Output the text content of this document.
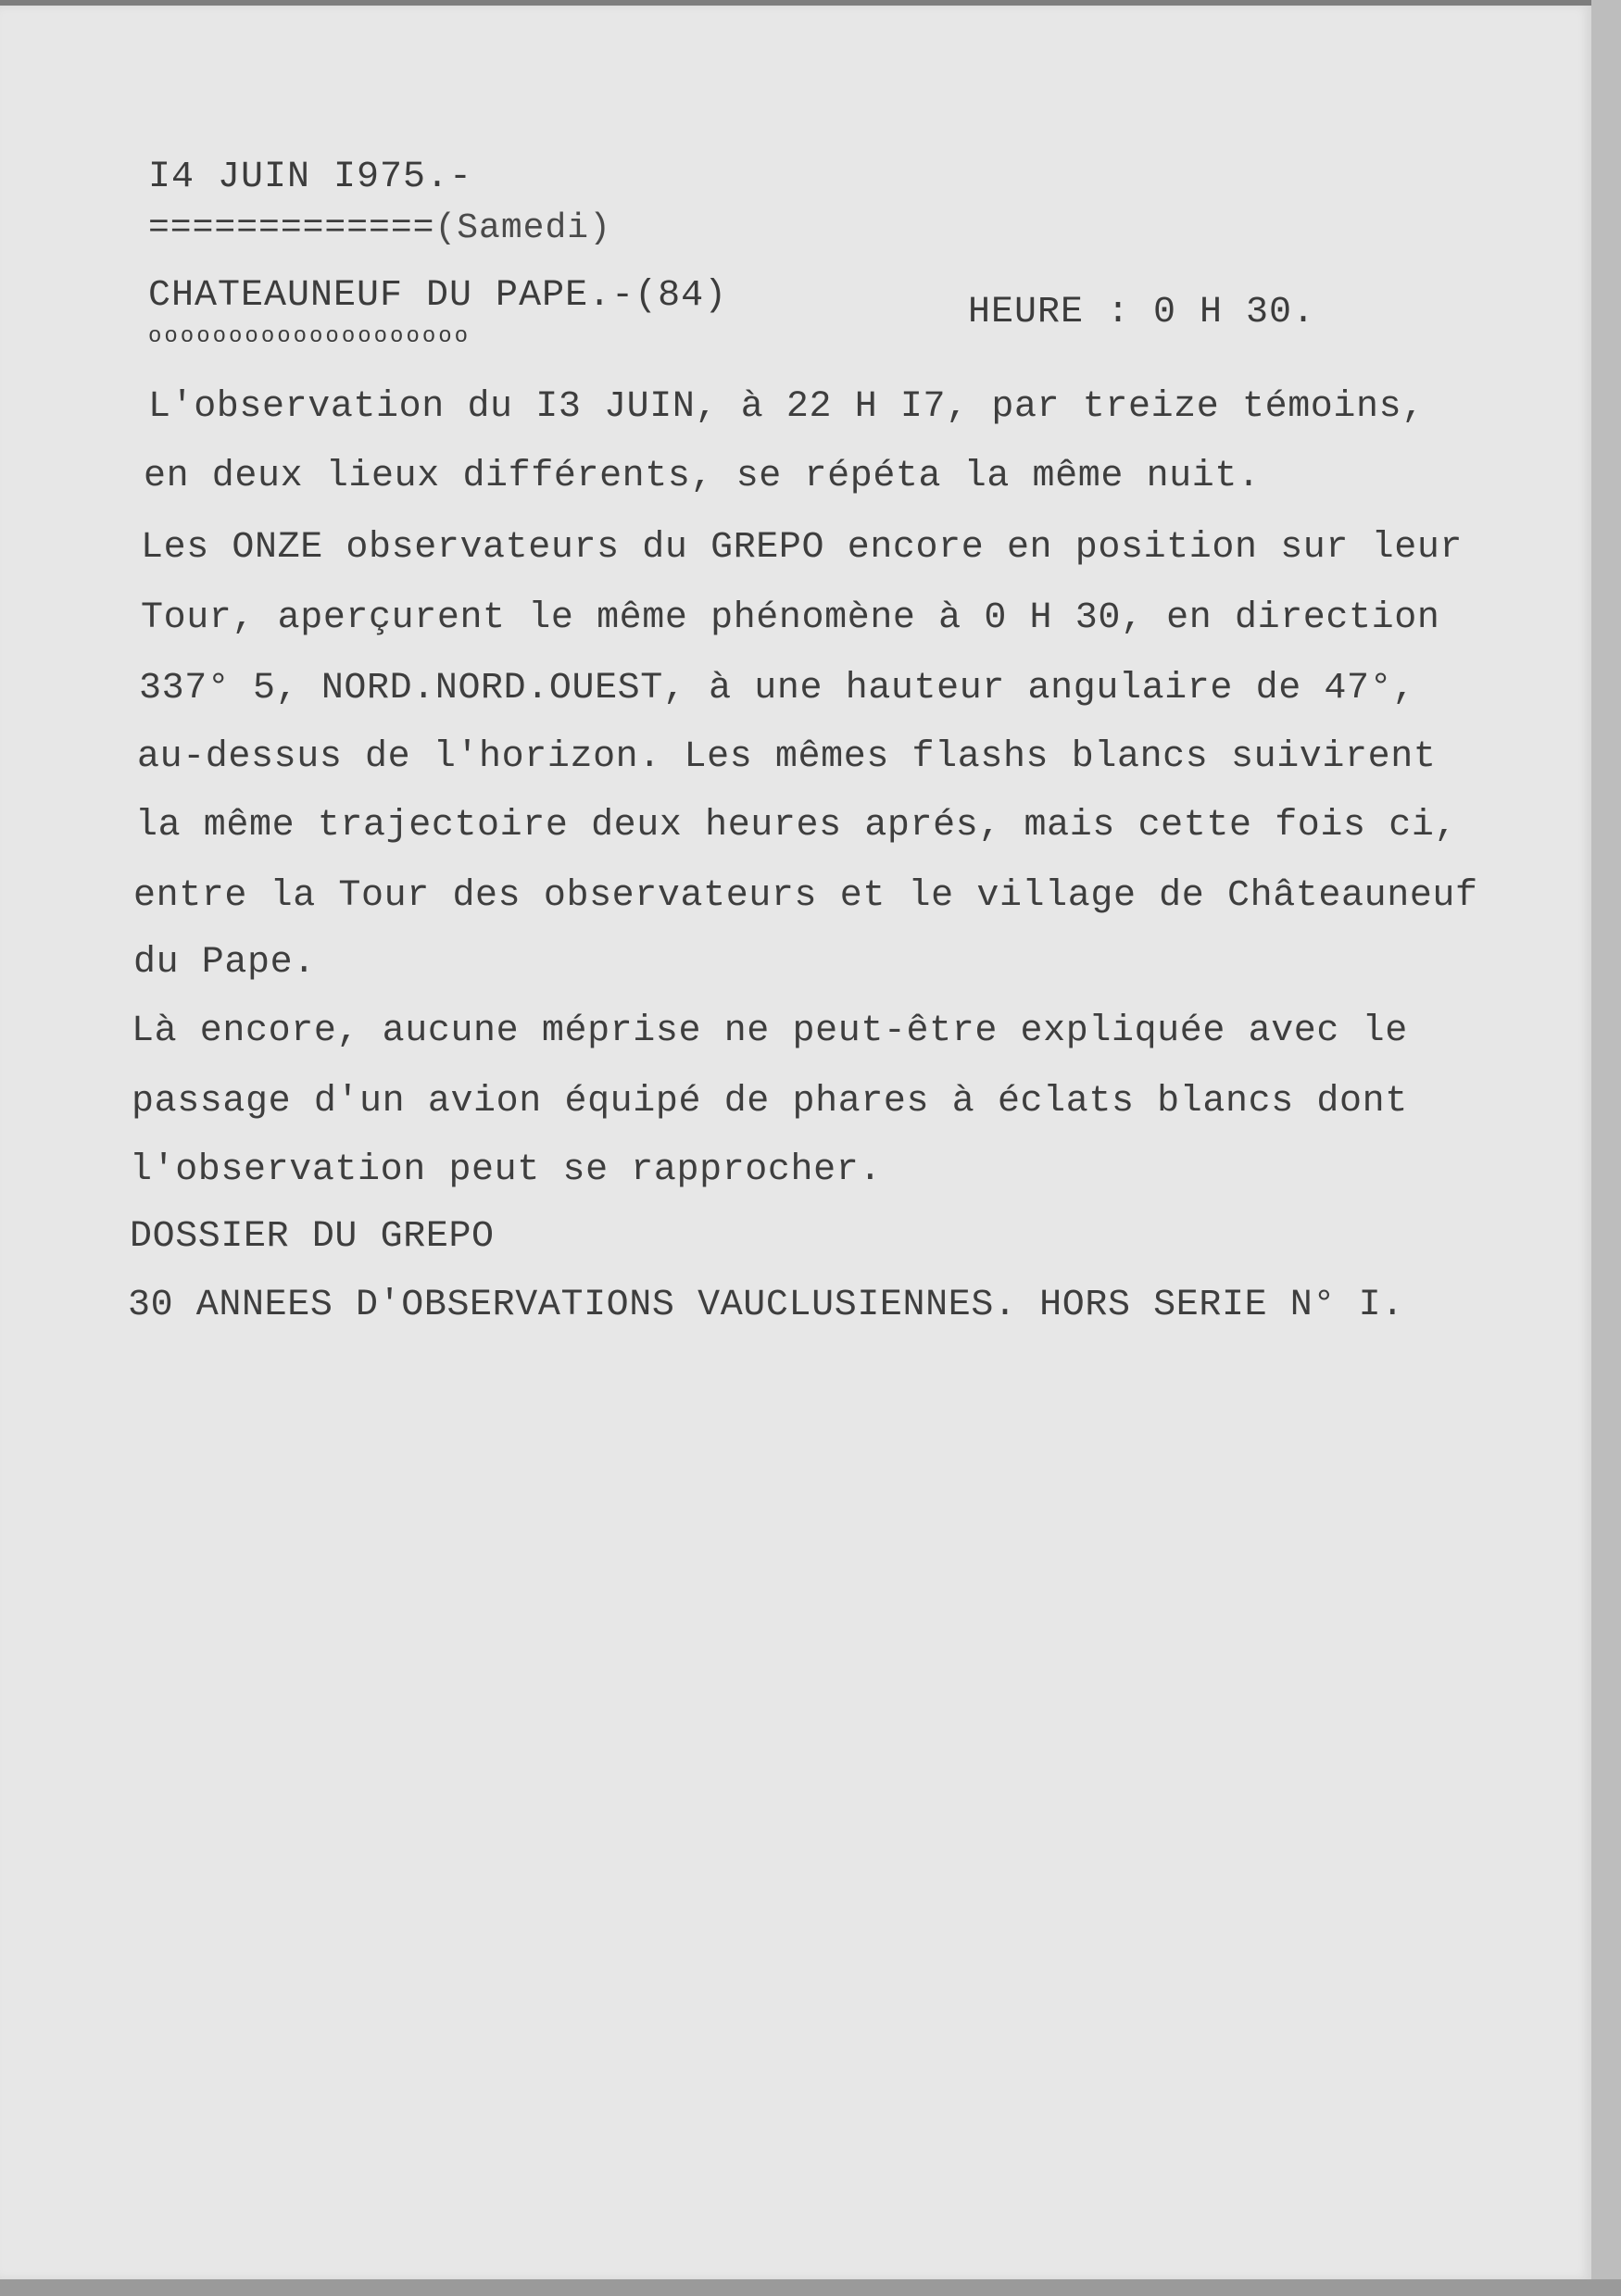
I4 JUIN I975.-
=============(Samedi)
CHATEAUNEUF DU PAPE.-(84)
oooooooooooooooooooo
HEURE : 0 H 30.
L'observation du I3 JUIN, à 22 H I7, par treize témoins,
en deux lieux différents, se répéta la même nuit.
Les ONZE observateurs du GREPO encore en position sur leur
Tour, aperçurent le même phénomène à 0 H 30, en direction
337° 5, NORD.NORD.OUEST, à une hauteur angulaire de 47°,
au-dessus de l'horizon. Les mêmes flashs blancs suivirent
la même trajectoire deux heures aprés, mais cette fois ci,
entre la Tour des observateurs et le village de Châteauneuf
du Pape.
Là encore, aucune méprise ne peut-être expliquée avec le
passage d'un avion équipé de phares à éclats blancs dont
l'observation peut se rapprocher.
DOSSIER DU GREPO
30 ANNEES D'OBSERVATIONS VAUCLUSIENNES. HORS SERIE N° I.
